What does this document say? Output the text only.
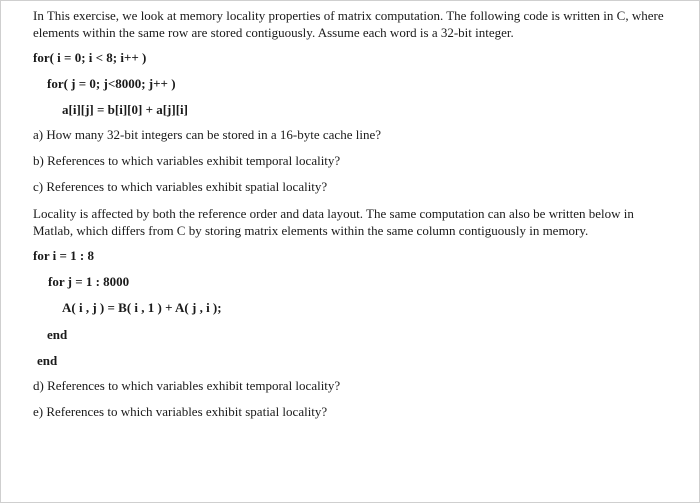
In This exercise, we look at memory locality properties of matrix computation. The following code is written in C, where elements within the same row are stored contiguously. Assume each word is a 32-bit integer.
for( i = 0; i < 8; i++ )
for( j = 0; j<8000; j++ )
a[i][j] = b[i][0] + a[j][i]
a) How many 32-bit integers can be stored in a 16-byte cache line?
b) References to which variables exhibit temporal locality?
c) References to which variables exhibit spatial locality?
Locality is affected by both the reference order and data layout. The same computation can also be written below in Matlab, which differs from C by storing matrix elements within the same column contiguously in memory.
for i = 1 : 8
for j = 1 : 8000
A( i , j ) = B( i , 1 ) + A( j , i );
end
end
d) References to which variables exhibit temporal locality?
e) References to which variables exhibit spatial locality?
